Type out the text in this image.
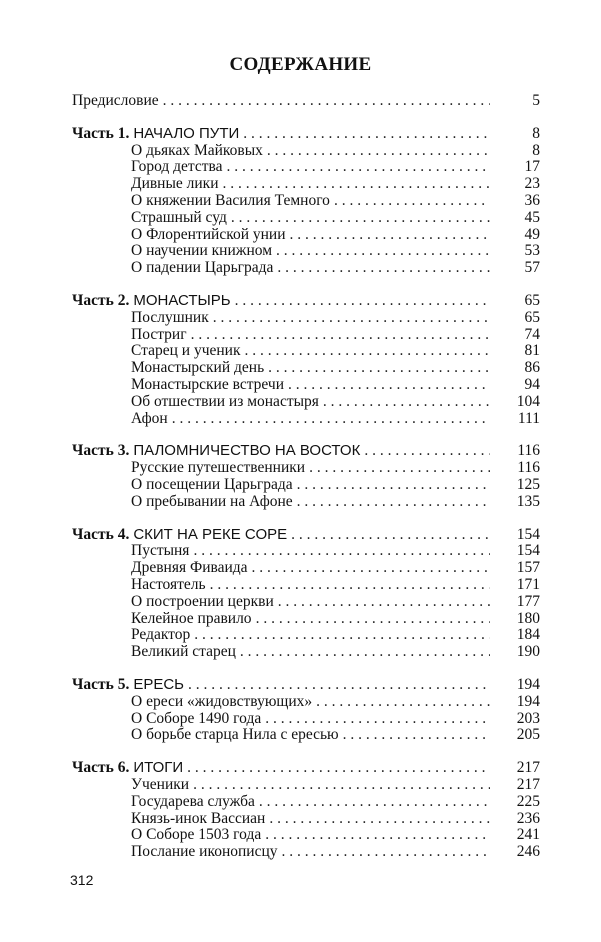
СОДЕРЖАНИЕ
Предисловие . . .	5
Часть 1. НАЧАЛО ПУТИ . . .	8
О дьяках Майковых . . .	8
Город детства . . .	17
Дивные лики . . .	23
О княжении Василия Темного . . .	36
Страшный суд . . .	45
О Флорентийской унии . . .	49
О научении книжном . . .	53
О падении Царьграда . . .	57
Часть 2. МОНАСТЫРЬ . . .	65
Послушник . . .	65
Постриг . . .	74
Старец и ученик . . .	81
Монастырский день . . .	86
Монастырские встречи . . .	94
Об отшествии из монастыря . . .	104
Афон . . .	111
Часть 3. ПАЛОМНИЧЕСТВО НА ВОСТОК . . .	116
Русские путешественники . . .	116
О посещении Царьграда . . .	125
О пребывании на Афоне . . .	135
Часть 4. СКИТ НА РЕКЕ СОРЕ . . .	154
Пустыня . . .	154
Древняя Фиваида . . .	157
Настоятель . . .	171
О построении церкви . . .	177
Келейное правило . . .	180
Редактор . . .	184
Великий старец . . .	190
Часть 5. ЕРЕСЬ . . .	194
О ереси «жидовствующих» . . .	194
О Соборе 1490 года . . .	203
О борьбе старца Нила с ересью . . .	205
Часть 6. ИТОГИ . . .	217
Ученики . . .	217
Государева служба . . .	225
Князь-инок Вассиан . . .	236
О Соборе 1503 года . . .	241
Послание иконописцу . . .	246
312
